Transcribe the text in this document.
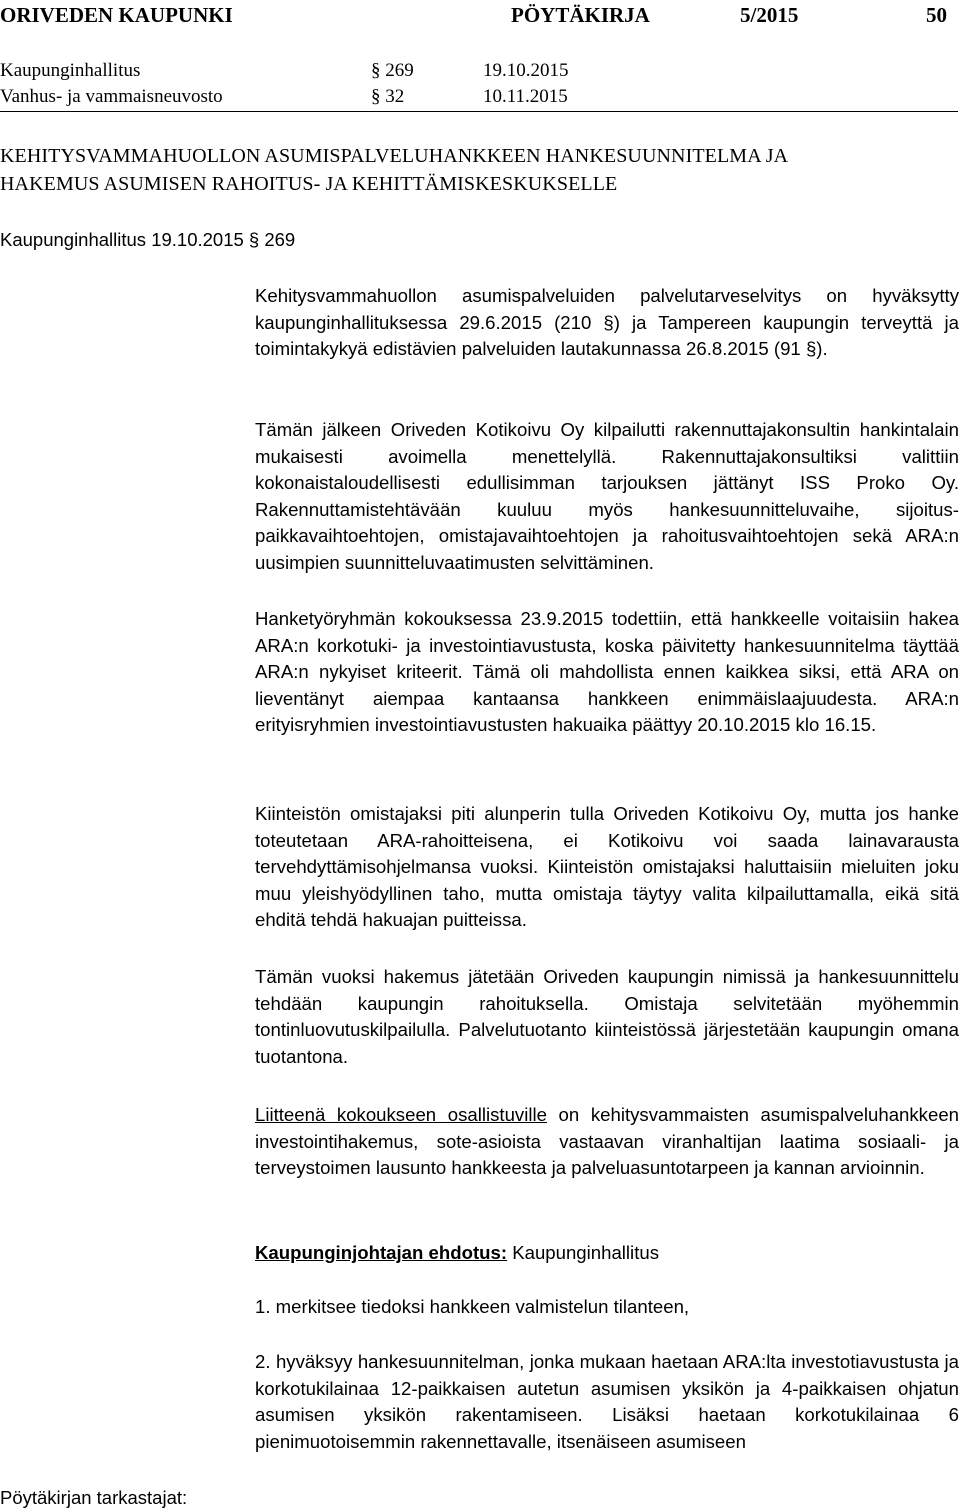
ORIVEDEN KAUPUNKI	PÖYTÄKIRJA	5/2015	50
Kaupunginhallitus	§ 269	19.10.2015
Vanhus- ja vammaisneuvosto	§ 32	10.11.2015
KEHITYSVAMMAHUOLLON ASUMISPALVELUHANKKEEN HANKESUUNNITELMA JA
HAKEMUS ASUMISEN RAHOITUS- JA KEHITTÄMISKESKUKSELLE
Kaupunginhallitus 19.10.2015 § 269

Kehitysvammahuollon asumispalveluiden palvelutarveselvitys on hyväksytty kaupunginhallituksessa 29.6.2015 (210 §) ja Tampereen kaupungin terveyttä ja toimintakykyä edistävien palveluiden lautakunnassa 26.8.2015 (91 §).

Tämän jälkeen Oriveden Kotikoivu Oy kilpailutti rakennuttajakonsultin hankintalain mukaisesti avoimella menettelyllä. Rakennuttajakonsultiksi valittiin kokonaistaloudellisesti edullisimman tarjouksen jättänyt ISS Proko Oy. Rakennuttamistehtävään kuuluu myös hankesuunnitteluvaihe, sijoituspaikkavaihtoehtojen, omistajavaihtoehtojen ja rahoitusvaihtoehtojen sekä ARA:n uusimpien suunnitteluvaatimusten selvittäminen.

Hanketyöryhmän kokouksessa 23.9.2015 todettiin, että hankkeelle voitaisiin hakea ARA:n korkotuki- ja investointiavustusta, koska päivitetty hankesuunnitelma täyttää ARA:n nykyiset kriteerit. Tämä oli mahdollista ennen kaikkea siksi, että ARA on lieventänyt aiempaa kantaansa hankkeen enimmäislaajuudesta. ARA:n erityisryhmien investointiavustusten hakuaika päättyy 20.10.2015 klo 16.15.

Kiinteistön omistajaksi piti alunperin tulla Oriveden Kotikoivu Oy, mutta jos hanke toteutetaan ARA-rahoitteisena, ei Kotikoivu voi saada lainavarausta tervehdyttämisohjelmansa vuoksi. Kiinteistön omistajaksi haluttaisiin mieluiten joku muu yleishyödyllinen taho, mutta omistaja täytyy valita kilpailuttamalla, eikä sitä ehditä tehdä hakuajan puitteissa.

Tämän vuoksi hakemus jätetään Oriveden kaupungin nimissä ja hankesuunnittelu tehdään kaupungin rahoituksella. Omistaja selvitetään myöhemmin tontinluovutuskilpailulla. Palvelutuotanto kiinteistössä järjestetään kaupungin omana tuotantona.

Liitteenä kokoukseen osallistuville on kehitysvammaisten asumispalveluhankkeen investointihakemus, sote-asioista vastaavan viranhaltijan laatima sosiaali- ja terveystoimen lausunto hankkeesta ja palveluasuntotarpeen ja kannan arvioinnin.

Kaupunginjohtajan ehdotus: Kaupunginhallitus

1. merkitsee tiedoksi hankkeen valmistelun tilanteen,

2. hyväksyy hankesuunnitelman, jonka mukaan haetaan ARA:lta investotiavustusta ja korkotukilainaa 12-paikkaisen autetun asumisen yksikön ja 4-paikkaisen ohjatun asumisen yksikön rakentamiseen. Lisäksi haetaan korkotukilainaa 6 pienimuotoisemmin rakennettavalle, itsenäiseen asumiseen

Pöytäkirjan tarkastajat:
